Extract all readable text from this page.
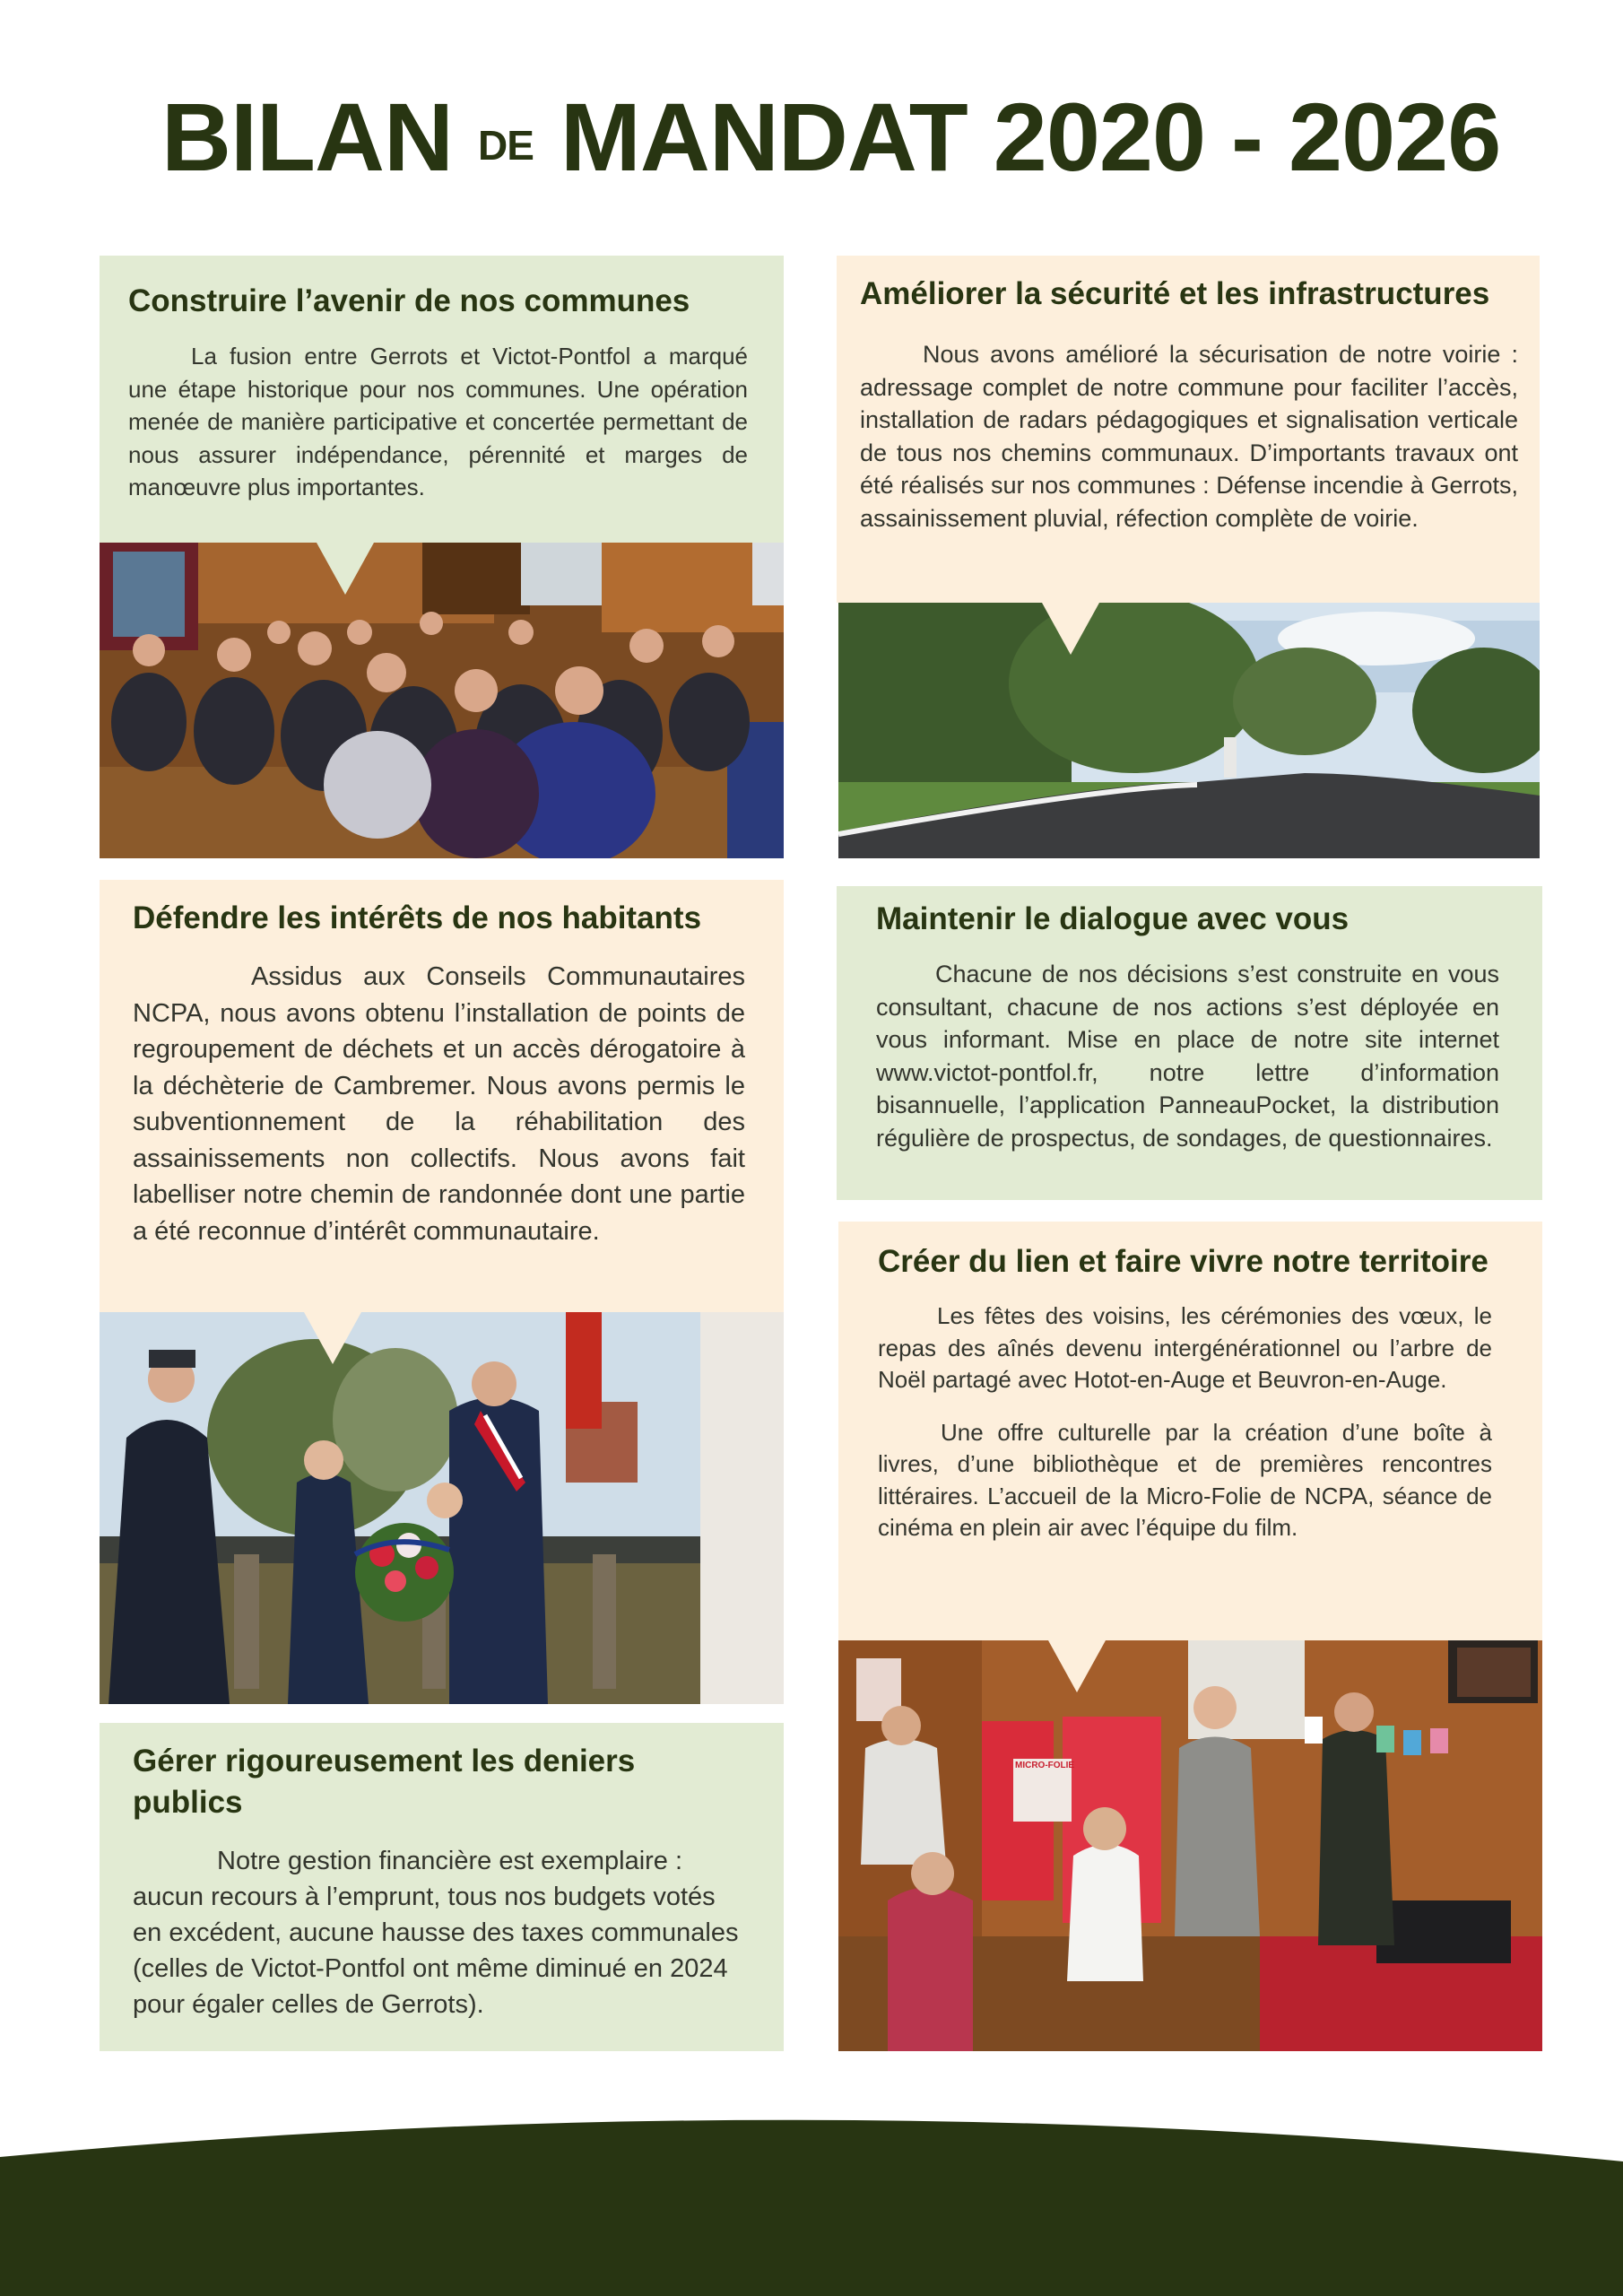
BILAN DE MANDAT 2020 - 2026
Construire l’avenir de nos communes

La fusion entre Gerrots et Victot-Pontfol a marqué une étape historique pour nos communes. Une opération menée de manière participative et concertée permettant de nous assurer indépendance, pérennité et marges de manœuvre plus importantes.

Améliorer la sécurité et les infrastructures

Nous avons amélioré la sécurisation de notre voirie : adressage complet de notre commune pour faciliter l’accès, installation de radars pédagogiques et signalisation verticale de tous nos chemins communaux. D’importants travaux ont été réalisés sur nos communes : Défense incendie à Gerrots, assainissement pluvial, réfection complète de voirie.

Défendre les intérêts de nos habitants

Assidus aux Conseils Communautaires NCPA, nous avons obtenu l’installation de points de regroupement de déchets et un accès dérogatoire à la déchèterie de Cambremer. Nous avons permis le subventionnement de la réhabilitation des assainissements non collectifs. Nous avons fait labelliser notre chemin de randonnée dont une partie a été reconnue d’intérêt communautaire.

Maintenir le dialogue avec vous

Chacune de nos décisions s’est construite en vous consultant, chacune de nos actions s’est déployée en vous informant. Mise en place de notre site internet www.victot-pontfol.fr, notre lettre d’information bisannuelle, l’application PanneauPocket, la distribution régulière de prospectus, de sondages, de questionnaires.

Créer du lien et faire vivre notre territoire

Les fêtes des voisins, les cérémonies des vœux, le repas des aînés devenu intergénérationnel ou l’arbre de Noël partagé avec Hotot-en-Auge et Beuvron-en-Auge.

Une offre culturelle par la création d’une boîte à livres, d’une bibliothèque et de premières rencontres littéraires. L’accueil de la Micro-Folie de NCPA, séance de cinéma en plein air avec l’équipe du film.

MICRO-FOLIE
Gérer rigoureusement les deniers publics

Notre gestion financière est exemplaire : aucun recours à l’emprunt, tous nos budgets votés en excédent, aucune hausse des taxes communales (celles de Victot-Pontfol ont même diminué en 2024 pour égaler celles de Gerrots).
